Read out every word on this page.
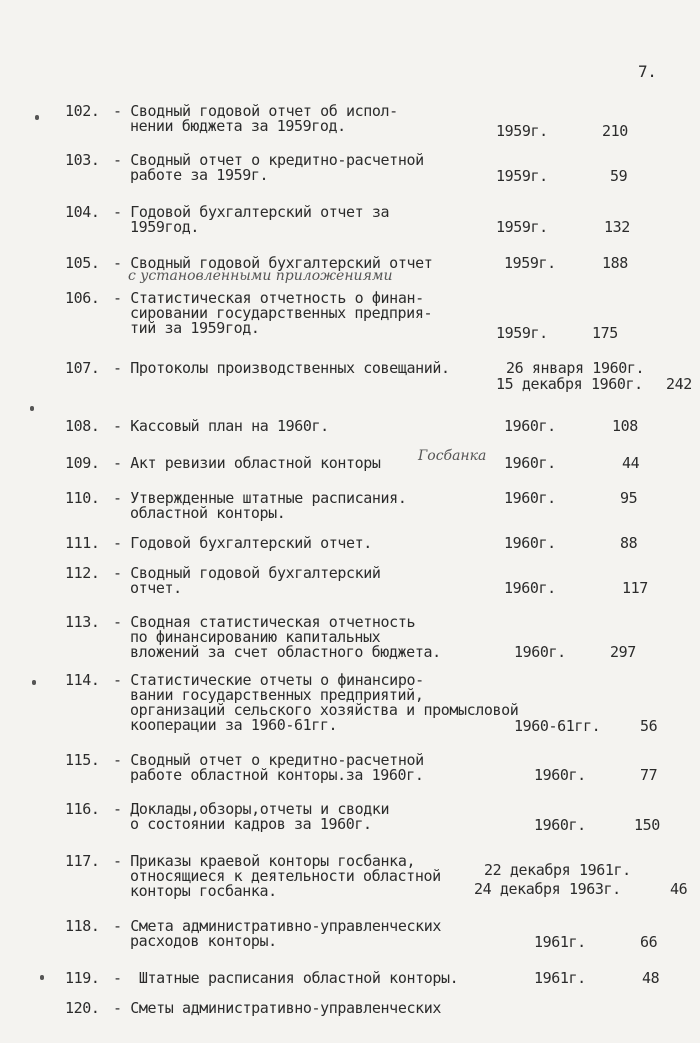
7.
102. - Сводный годовой отчет об испол-
нении бюджета за 1959год.	1959г.	210
103. - Сводный отчет о кредитно-расчетной
работе за 1959г.	1959г.	59
104. - Годовой бухгалтерский отчет за
1959год.	1959г.	132
105. - Сводный годовой бухгалтерский отчет	1959г.	188
с установленными приложениями
106. - Статистическая отчетность о финан-
сировании государственных предприя-
тий за 1959год.	1959г.	175
107. - Протоколы производственных совещаний.	26 января 1960г.
15 декабря 1960г. 242
108. - Кассовый план на 1960г.	1960г.	108
109. - Акт ревизии областной конторы	1960г.	44
Госбанка
110. - Утвержденные штатные расписания.
областной конторы.
1960г.	95
111. - Годовой бухгалтерский отчет.	1960г.	88
112. - Сводный годовой бухгалтерский
отчет.	1960г.	117
113. - Сводная статистическая отчетность
по финансированию капитальных
вложений за счет областного бюджета.	1960г.	297
114. - Статистические отчеты о финансиро-
вании государственных предприятий,
организаций сельского хозяйства и промысловой
кооперации за 1960-61гг.	1960-61гг.	56
115. - Сводный отчет о кредитно-расчетной
работе областной конторы.за 1960г.	1960г.	77
116. - Доклады,обзоры,отчеты и сводки
о состоянии кадров за 1960г.	1960г.	150
117. - Приказы краевой конторы госбанка,
относящиеся к деятельности областной
конторы госбанка.
22 декабря 1961г.
24 декабря 1963г.	46
118. - Смета административно-управленческих
расходов конторы.	1961г.	66
119. -  Штатные расписания областной конторы.	1961г.	48
120. - Сметы административно-управленческих
